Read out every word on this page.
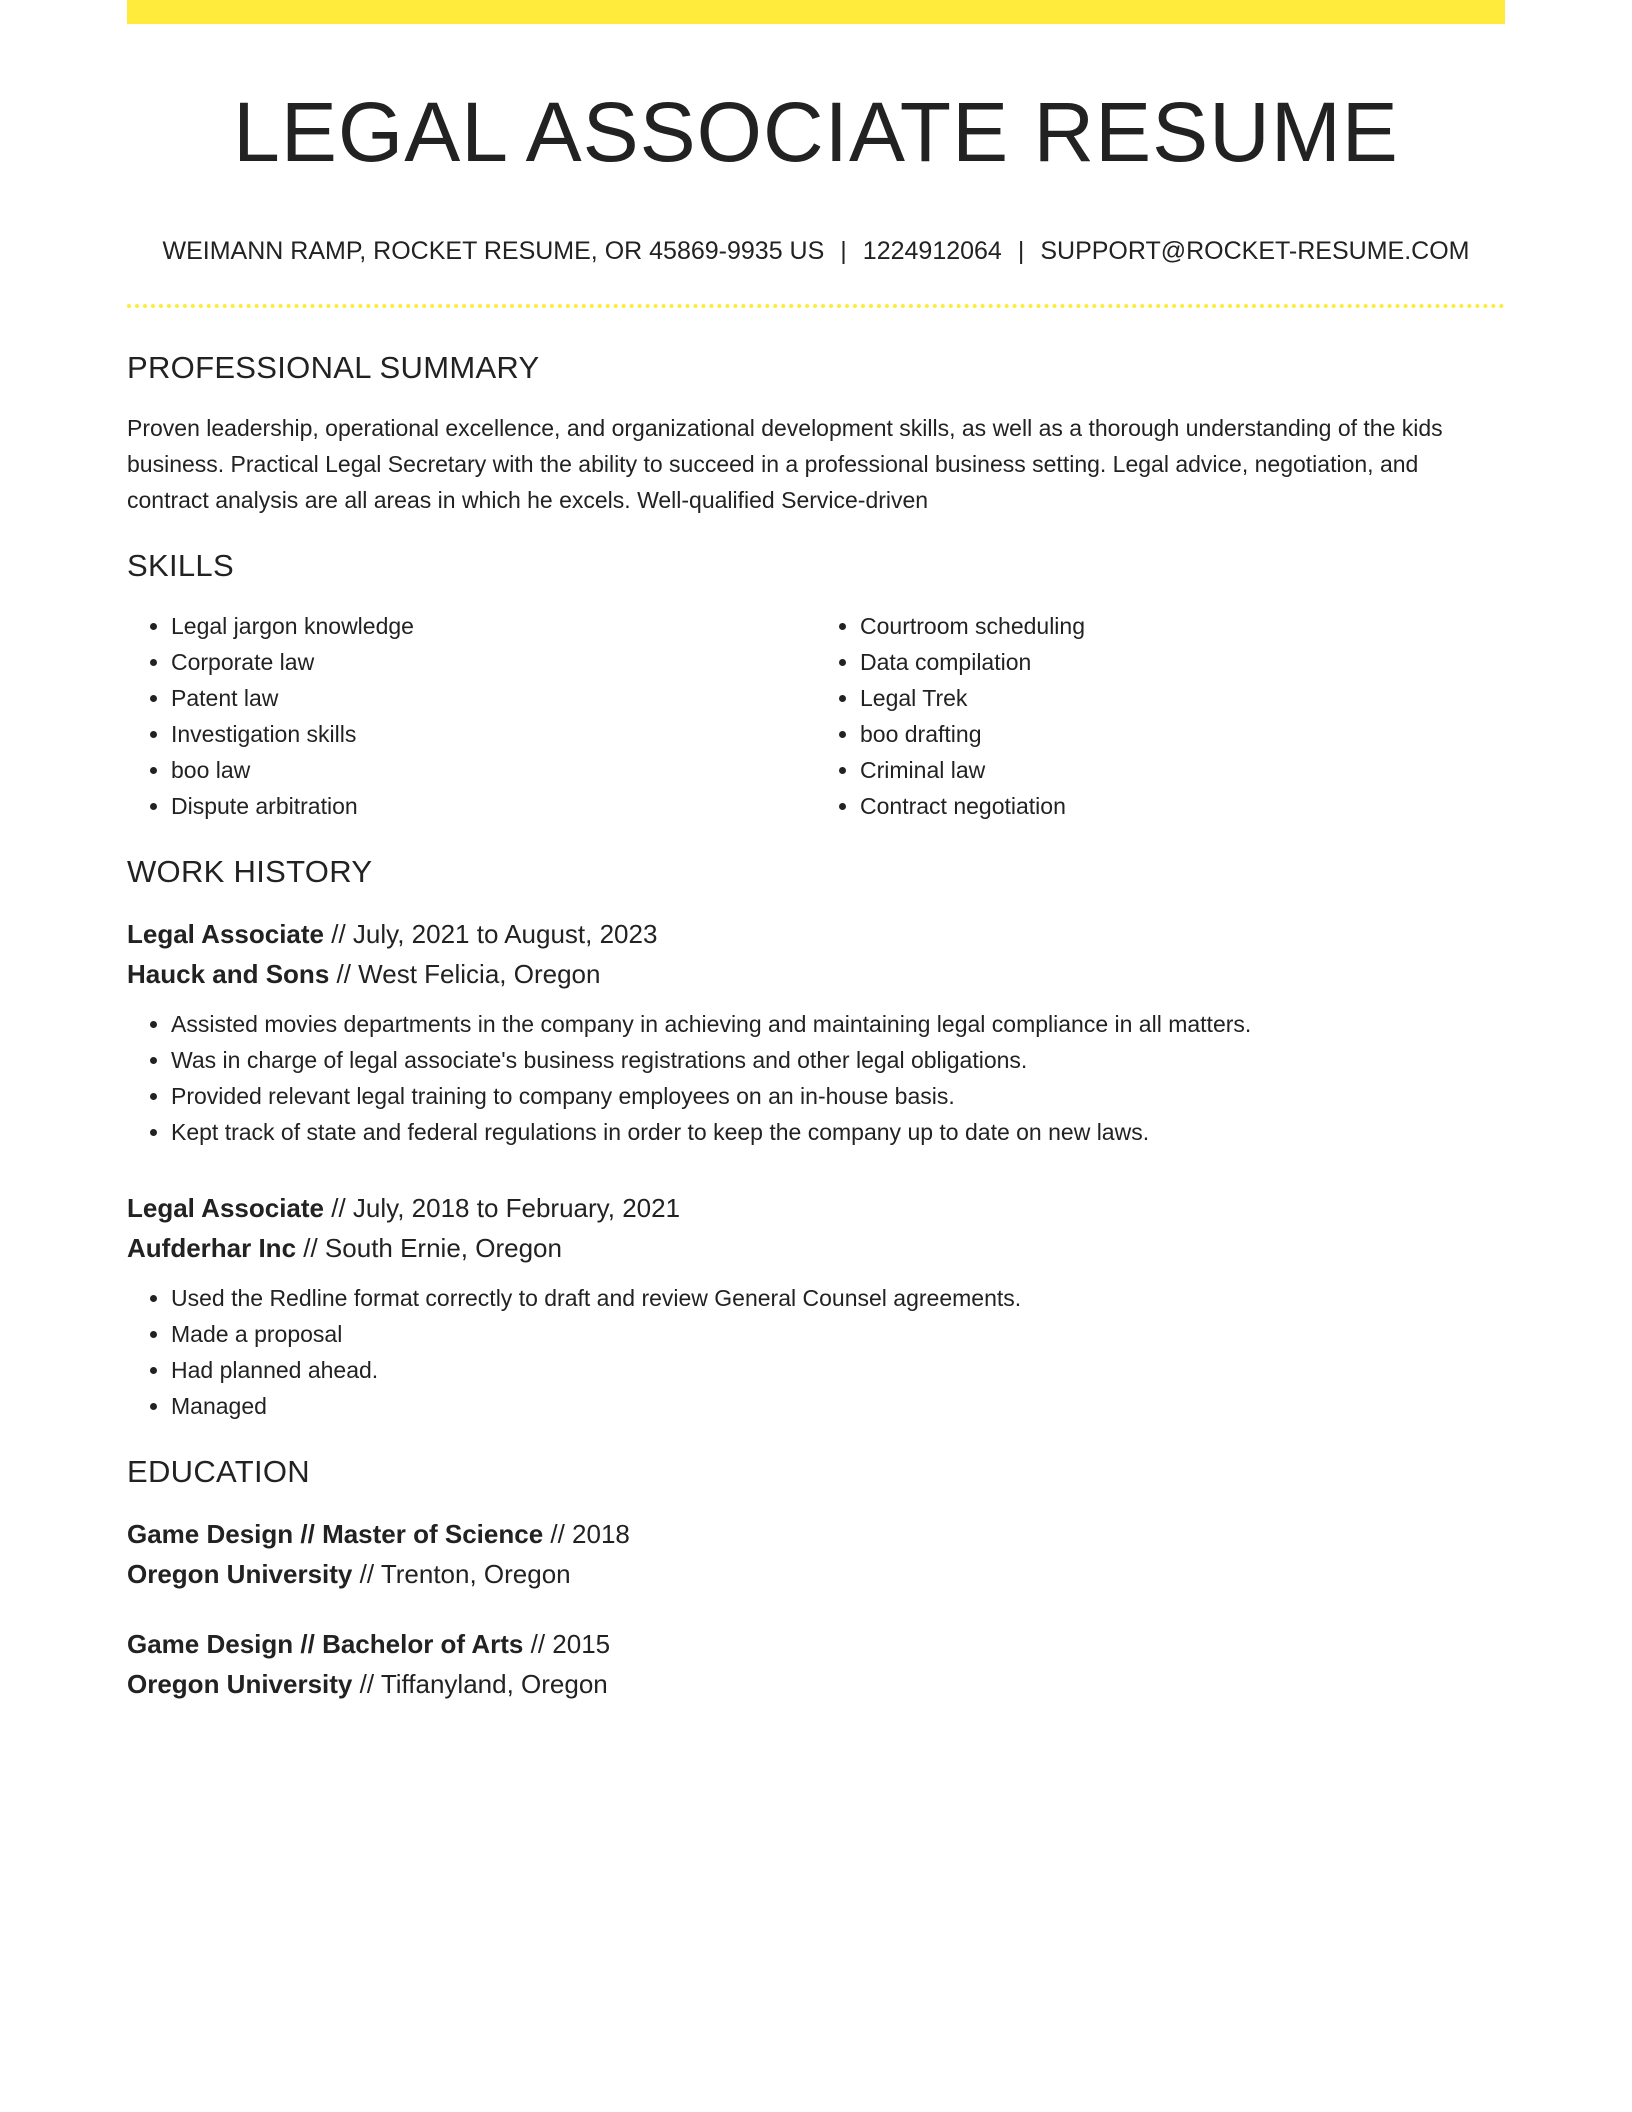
LEGAL ASSOCIATE RESUME
WEIMANN RAMP, ROCKET RESUME, OR 45869-9935 US | 1224912064 | SUPPORT@ROCKET-RESUME.COM
PROFESSIONAL SUMMARY
Proven leadership, operational excellence, and organizational development skills, as well as a thorough understanding of the kids business. Practical Legal Secretary with the ability to succeed in a professional business setting. Legal advice, negotiation, and contract analysis are all areas in which he excels. Well-qualified Service-driven
SKILLS
• Legal jargon knowledge
• Corporate law
• Patent law
• Investigation skills
• boo law
• Dispute arbitration
• Courtroom scheduling
• Data compilation
• Legal Trek
• boo drafting
• Criminal law
• Contract negotiation
WORK HISTORY
Legal Associate // July, 2021 to August, 2023
Hauck and Sons // West Felicia, Oregon
• Assisted movies departments in the company in achieving and maintaining legal compliance in all matters.
• Was in charge of legal associate's business registrations and other legal obligations.
• Provided relevant legal training to company employees on an in-house basis.
• Kept track of state and federal regulations in order to keep the company up to date on new laws.
Legal Associate // July, 2018 to February, 2021
Aufderhar Inc // South Ernie, Oregon
• Used the Redline format correctly to draft and review General Counsel agreements.
• Made a proposal
• Had planned ahead.
• Managed
EDUCATION
Game Design // Master of Science // 2018
Oregon University // Trenton, Oregon
Game Design // Bachelor of Arts // 2015
Oregon University // Tiffanyland, Oregon
